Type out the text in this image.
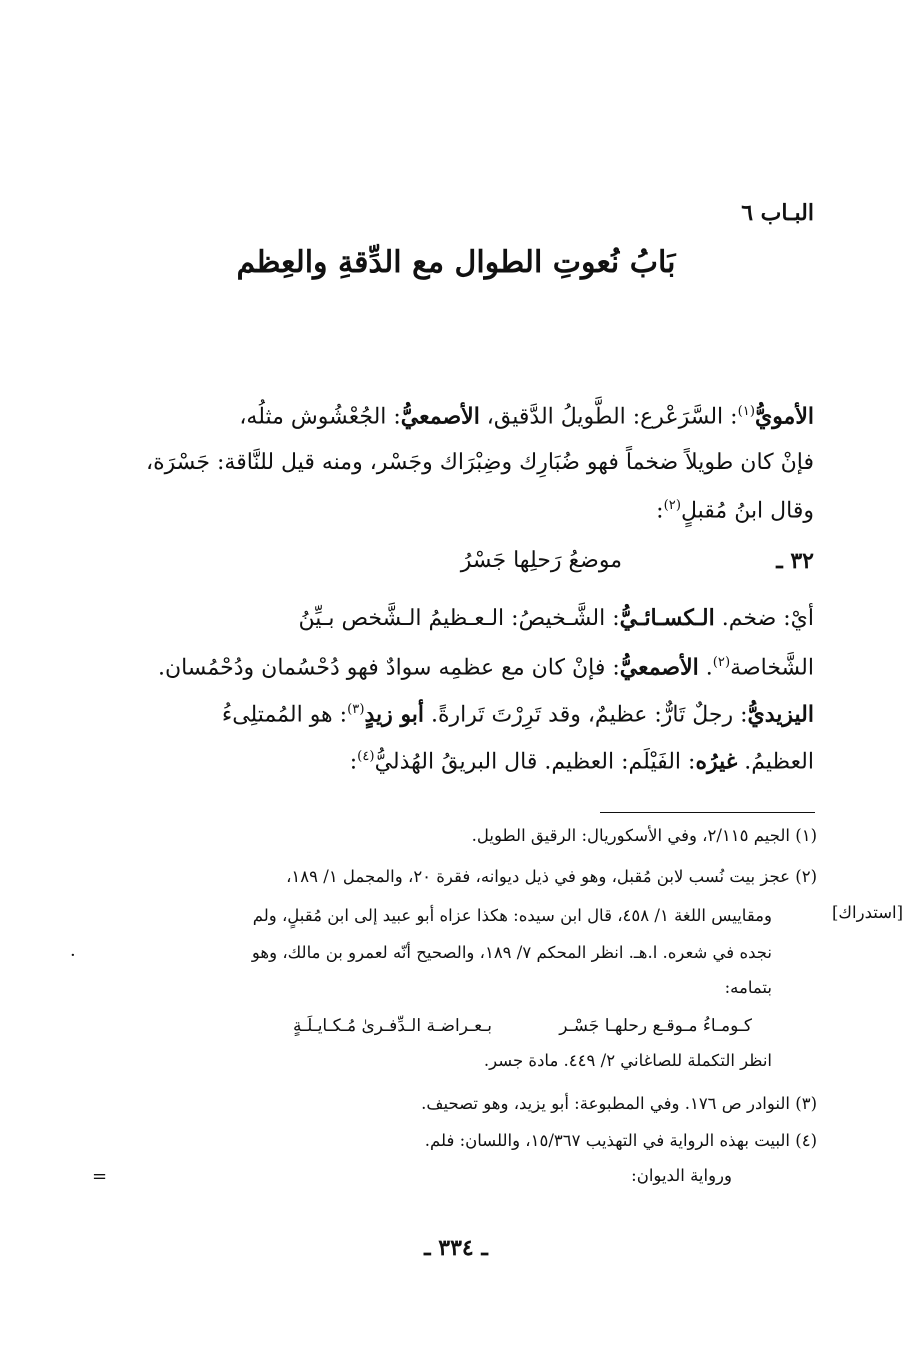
البـاب ٦
بَابُ نُعوتِ الطوال مع الدِّقةِ والعِظم
الأمويُّ$^{(١)}$: السَّرَعْرع: الطَّويلُ الدَّقيق، الأصمعيُّ: الجُعْشُوش مثلُه،
فإنْ كان طويلاً ضخماً فهو ضُبَارِك وضِبْرَاك وجَسْر، ومنه قيل للنَّاقة: جَسْرَة،
وقال ابنُ مُقبلٍ$^{(٢)}$:
٣٢ ـ
موضعُ رَحلِها جَسْرُ
أيْ: ضخم. الـكسـائـيُّ: الشَّـخيصُ: الـعـظيمُ الـشَّخص بـيِّنُ
الشَّخاصة$^{(٢)}$. الأصمعيُّ: فإنْ كان مع عظمِه سوادٌ فهو دُحْسُمان ودُحْمُسان.
اليزيديُّ: رجلٌ تَارٌّ: عظيمٌ، وقد تَرِرْتَ تَرارةً. أبو زيدٍ$^{(٣)}$: هو المُمتلِىءُ
العظيمُ. غيرُه: الفَيْلَم: العظيم. قال البريقُ الهُذليُّ$^{(٤)}$:
(١) الجيم ٢/١١٥، وفي الأسكوريال: الرقيق الطويل.
(٢) عجز بيت نُسب لابن مُقبل، وهو في ذيل ديوانه، فقرة ٢٠، والمجمل ١/ ١٨٩،
ومقاييس اللغة ١/ ٤٥٨، قال ابن سيده: هكذا عزاه أبو عبيد إلى ابن مُقبلٍ، ولم	[استدراك]
نجده في شعره. ا.هـ. انظر المحكم ٧/ ١٨٩، والصحيح أنّه لعمرو بن مالك، وهو
بتمامه:
بـعـراضـة الـدِّفـرىٰ مُـكـايـلَـةٍ	كـومـاءُ مـوقـع رحلهـا جَسْـر
انظر التكملة للصاغاني ٢/ ٤٤٩. مادة جسر.
(٣) النوادر ص ١٧٦. وفي المطبوعة: أبو يزيد، وهو تصحيف.
(٤) البيت بهذه الرواية في التهذيب ١٥/٣٦٧، واللسان: فلم.
ورواية الديوان:
=
·
ـ ٣٣٤ ـ
